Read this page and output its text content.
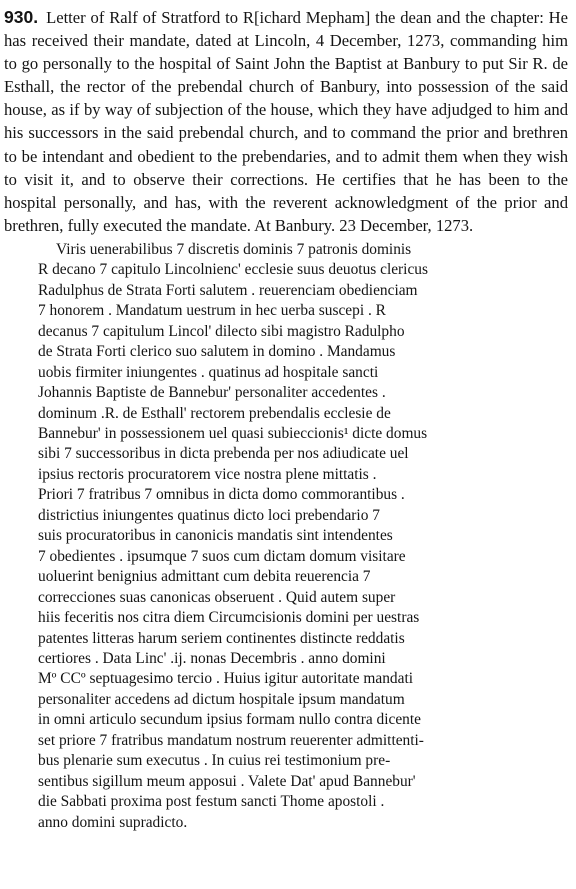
930. Letter of Ralf of Stratford to R[ichard Mepham] the dean and the chapter: He has received their mandate, dated at Lincoln, 4 December, 1273, commanding him to go personally to the hospital of Saint John the Baptist at Banbury to put Sir R. de Esthall, the rector of the prebendal church of Banbury, into possession of the said house, as if by way of subjection of the house, which they have adjudged to him and his successors in the said prebendal church, and to command the prior and brethren to be intendant and obedient to the prebendaries, and to admit them when they wish to visit it, and to observe their corrections. He certifies that he has been to the hospital personally, and has, with the reverent acknowledgment of the prior and brethren, fully executed the mandate. At Banbury. 23 December, 1273.

Viris uenerabilibus 7 discretis dominis 7 patronis dominis
R decano 7 capitulo Lincolnienc' ecclesie suus deuotus clericus
Radulphus de Strata Forti salutem . reuerenciam obedienciam
7 honorem . Mandatum uestrum in hec uerba suscepi . R
decanus 7 capitulum Lincol' dilecto sibi magistro Radulpho
de Strata Forti clerico suo salutem in domino . Mandamus
uobis firmiter iniungentes . quatinus ad hospitale sancti
Johannis Baptiste de Bannebur' personaliter accedentes .
dominum .R. de Esthall' rectorem prebendalis ecclesie de
Bannebur' in possessionem uel quasi subieccionis¹ dicte domus
sibi 7 successoribus in dicta prebenda per nos adiudicate uel
ipsius rectoris procuratorem vice nostra plene mittatis .
Priori 7 fratribus 7 omnibus in dicta domo commorantibus .
districtius iniungentes quatinus dicto loci prebendario 7
suis procuratoribus in canonicis mandatis sint intendentes
7 obedientes . ipsumque 7 suos cum dictam domum visitare
uoluerint benignius admittant cum debita reuerencia 7
correcciones suas canonicas obseruent . Quid autem super
hiis feceritis nos citra diem Circumcisionis domini per uestras
patentes litteras harum seriem continentes distincte reddatis
certiores . Data Linc' .ij. nonas Decembris . anno domini
Mº CCº septuagesimo tercio . Huius igitur autoritate mandati
personaliter accedens ad dictum hospitale ipsum mandatum
in omni articulo secundum ipsius formam nullo contra dicente
set priore 7 fratribus mandatum nostrum reuerenter admittenti-
bus plenarie sum executus . In cuius rei testimonium pre-
sentibus sigillum meum apposui . Valete Dat' apud Bannebur'
die Sabbati proxima post festum sancti Thome apostoli .
anno domini supradicto.
